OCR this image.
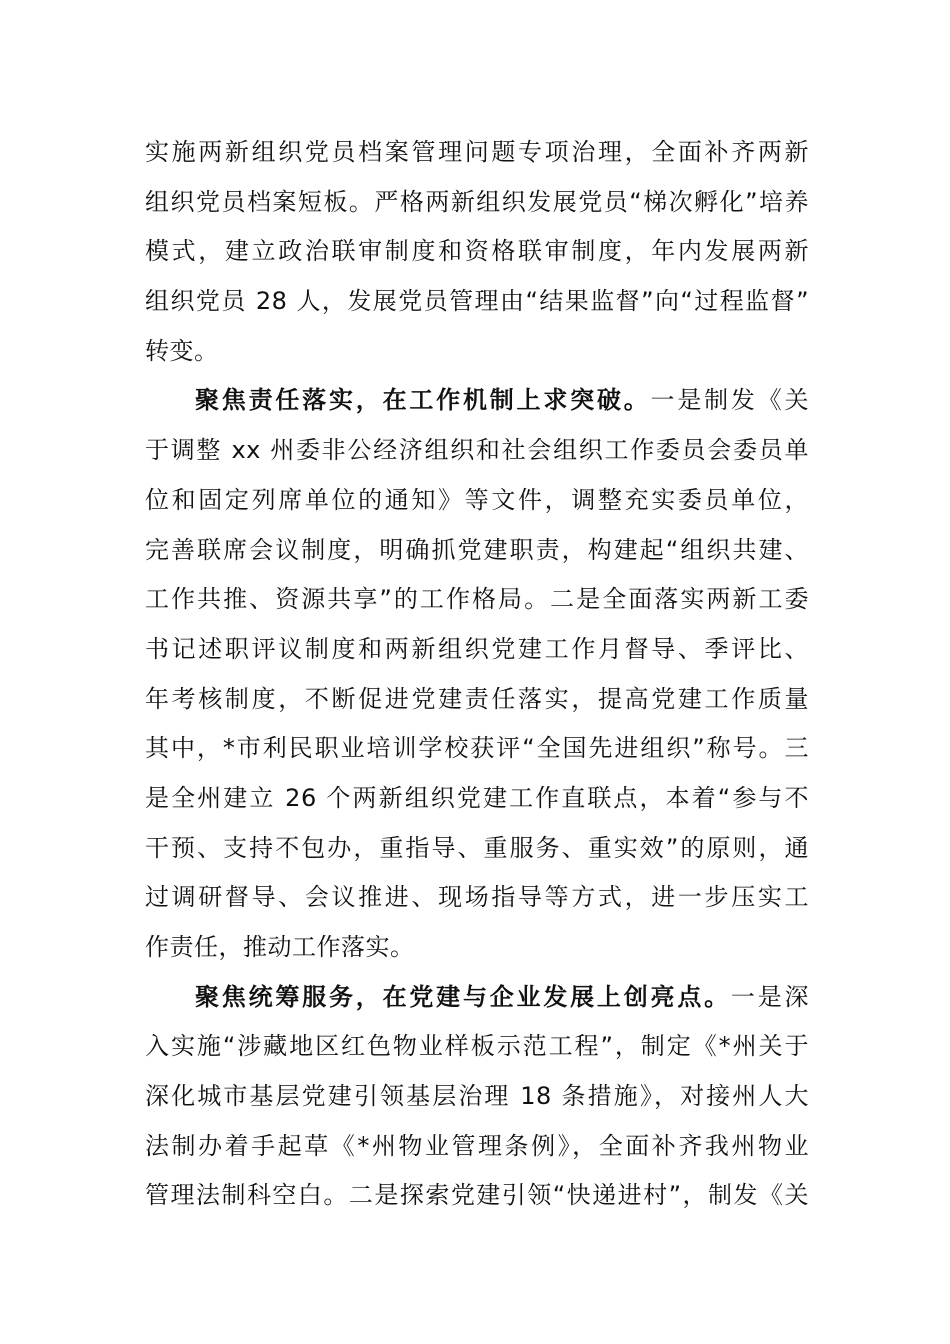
实施两新组织党员档案管理问题专项治理，全面补齐两新
组织党员档案短板。严格两新组织发展党员“梯次孵化”培养
模式，建立政治联审制度和资格联审制度，年内发展两新
组织党员 28 人，发展党员管理由“结果监督”向“过程监督”
转变。
聚焦责任落实，在工作机制上求突破。一是制发《关
于调整 xx 州委非公经济组织和社会组织工作委员会委员单
位和固定列席单位的通知》等文件，调整充实委员单位，
完善联席会议制度，明确抓党建职责，构建起“组织共建、
工作共推、资源共享”的工作格局。二是全面落实两新工委
书记述职评议制度和两新组织党建工作月督导、季评比、
年考核制度，不断促进党建责任落实，提高党建工作质量
其中，*市利民职业培训学校获评“全国先进组织”称号。三
是全州建立 26 个两新组织党建工作直联点，本着“参与不
干预、支持不包办，重指导、重服务、重实效”的原则，通
过调研督导、会议推进、现场指导等方式，进一步压实工
作责任，推动工作落实。
聚焦统筹服务，在党建与企业发展上创亮点。一是深
入实施“涉藏地区红色物业样板示范工程”，制定《*州关于
深化城市基层党建引领基层治理 18 条措施》，对接州人大
法制办着手起草《*州物业管理条例》，全面补齐我州物业
管理法制科空白。二是探索党建引领“快递进村”，制发《关
